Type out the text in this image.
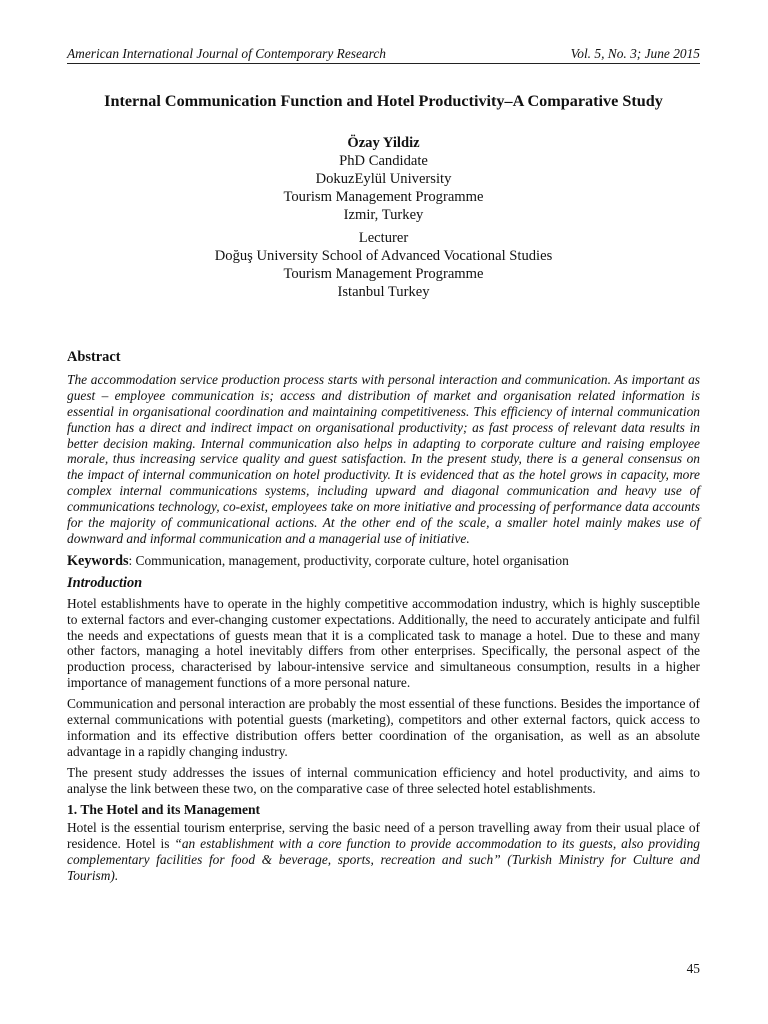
American International Journal of Contemporary Research	Vol. 5, No. 3; June 2015
Internal Communication Function and Hotel Productivity–A Comparative Study
Özay Yildiz
PhD Candidate
DokuzEylül University
Tourism Management Programme
Izmir, Turkey
Lecturer
Doğuş University School of Advanced Vocational Studies
Tourism Management Programme
Istanbul Turkey
Abstract

The accommodation service production process starts with personal interaction and communication. As important as guest – employee communication is; access and distribution of market and organisation related information is essential in organisational coordination and maintaining competitiveness. This efficiency of internal communication function has a direct and indirect impact on organisational productivity; as fast process of relevant data results in better decision making. Internal communication also helps in adapting to corporate culture and raising employee morale, thus increasing service quality and guest satisfaction. In the present study, there is a general consensus on the impact of internal communication on hotel productivity. It is evidenced that as the hotel grows in capacity, more complex internal communications systems, including upward and diagonal communication and heavy use of communications technology, co-exist, employees take on more initiative and processing of performance data accounts for the majority of communicational actions. At the other end of the scale, a smaller hotel mainly makes use of downward and informal communication and a managerial use of initiative.

Keywords: Communication, management, productivity, corporate culture, hotel organisation
Introduction

Hotel establishments have to operate in the highly competitive accommodation industry, which is highly susceptible to external factors and ever-changing customer expectations. Additionally, the need to accurately anticipate and fulfil the needs and expectations of guests mean that it is a complicated task to manage a hotel. Due to these and many other factors, managing a hotel inevitably differs from other enterprises. Specifically, the personal aspect of the production process, characterised by labour-intensive service and simultaneous consumption, results in a higher importance of management functions of a more personal nature.

Communication and personal interaction are probably the most essential of these functions. Besides the importance of external communications with potential guests (marketing), competitors and other external factors, quick access to information and its effective distribution offers better coordination of the organisation, as well as an absolute advantage in a rapidly changing industry.

The present study addresses the issues of internal communication efficiency and hotel productivity, and aims to analyse the link between these two, on the comparative case of three selected hotel establishments.

1. The Hotel and its Management

Hotel is the essential tourism enterprise, serving the basic need of a person travelling away from their usual place of residence. Hotel is “an establishment with a core function to provide accommodation to its guests, also providing complementary facilities for food & beverage, sports, recreation and such” (Turkish Ministry for Culture and Tourism).

45
